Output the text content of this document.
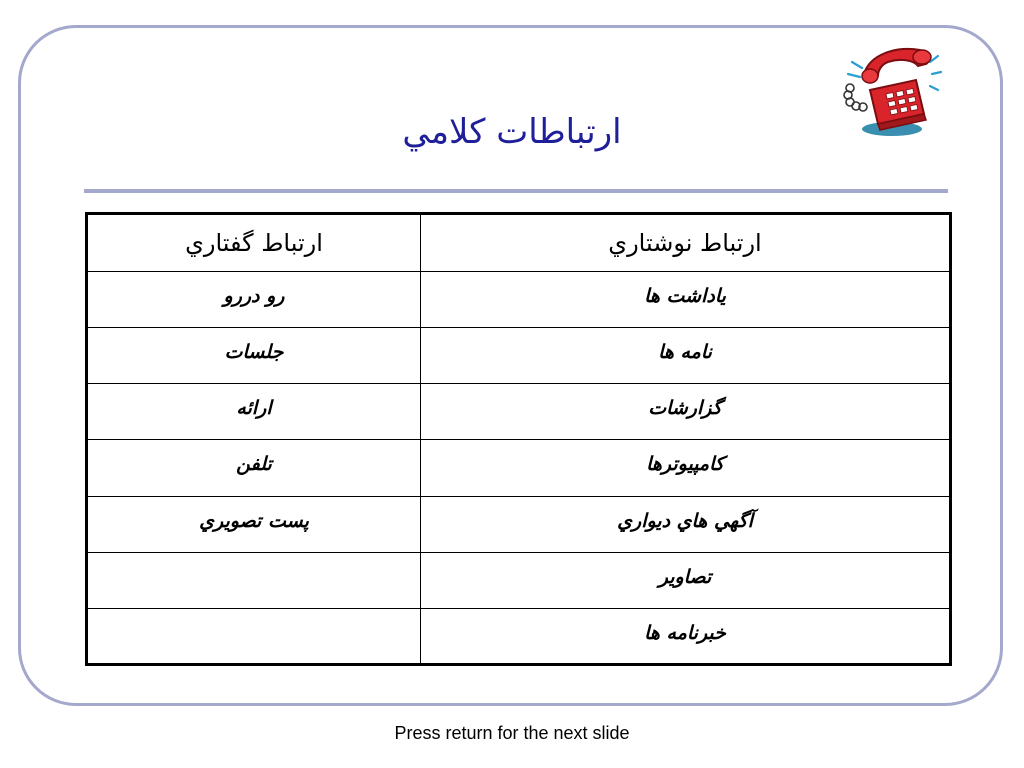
ارتباطات کلامي
ارتباط گفتاري	ارتباط نوشتاري
رو دررو	ياداشت ها
جلسات	نامه ها
ارائه	گزارشات
تلفن	کامپيوترها
پست تصويري	آگهي هاي ديواري
	تصاوير
	خبرنامه ها
Press return for the next slide
